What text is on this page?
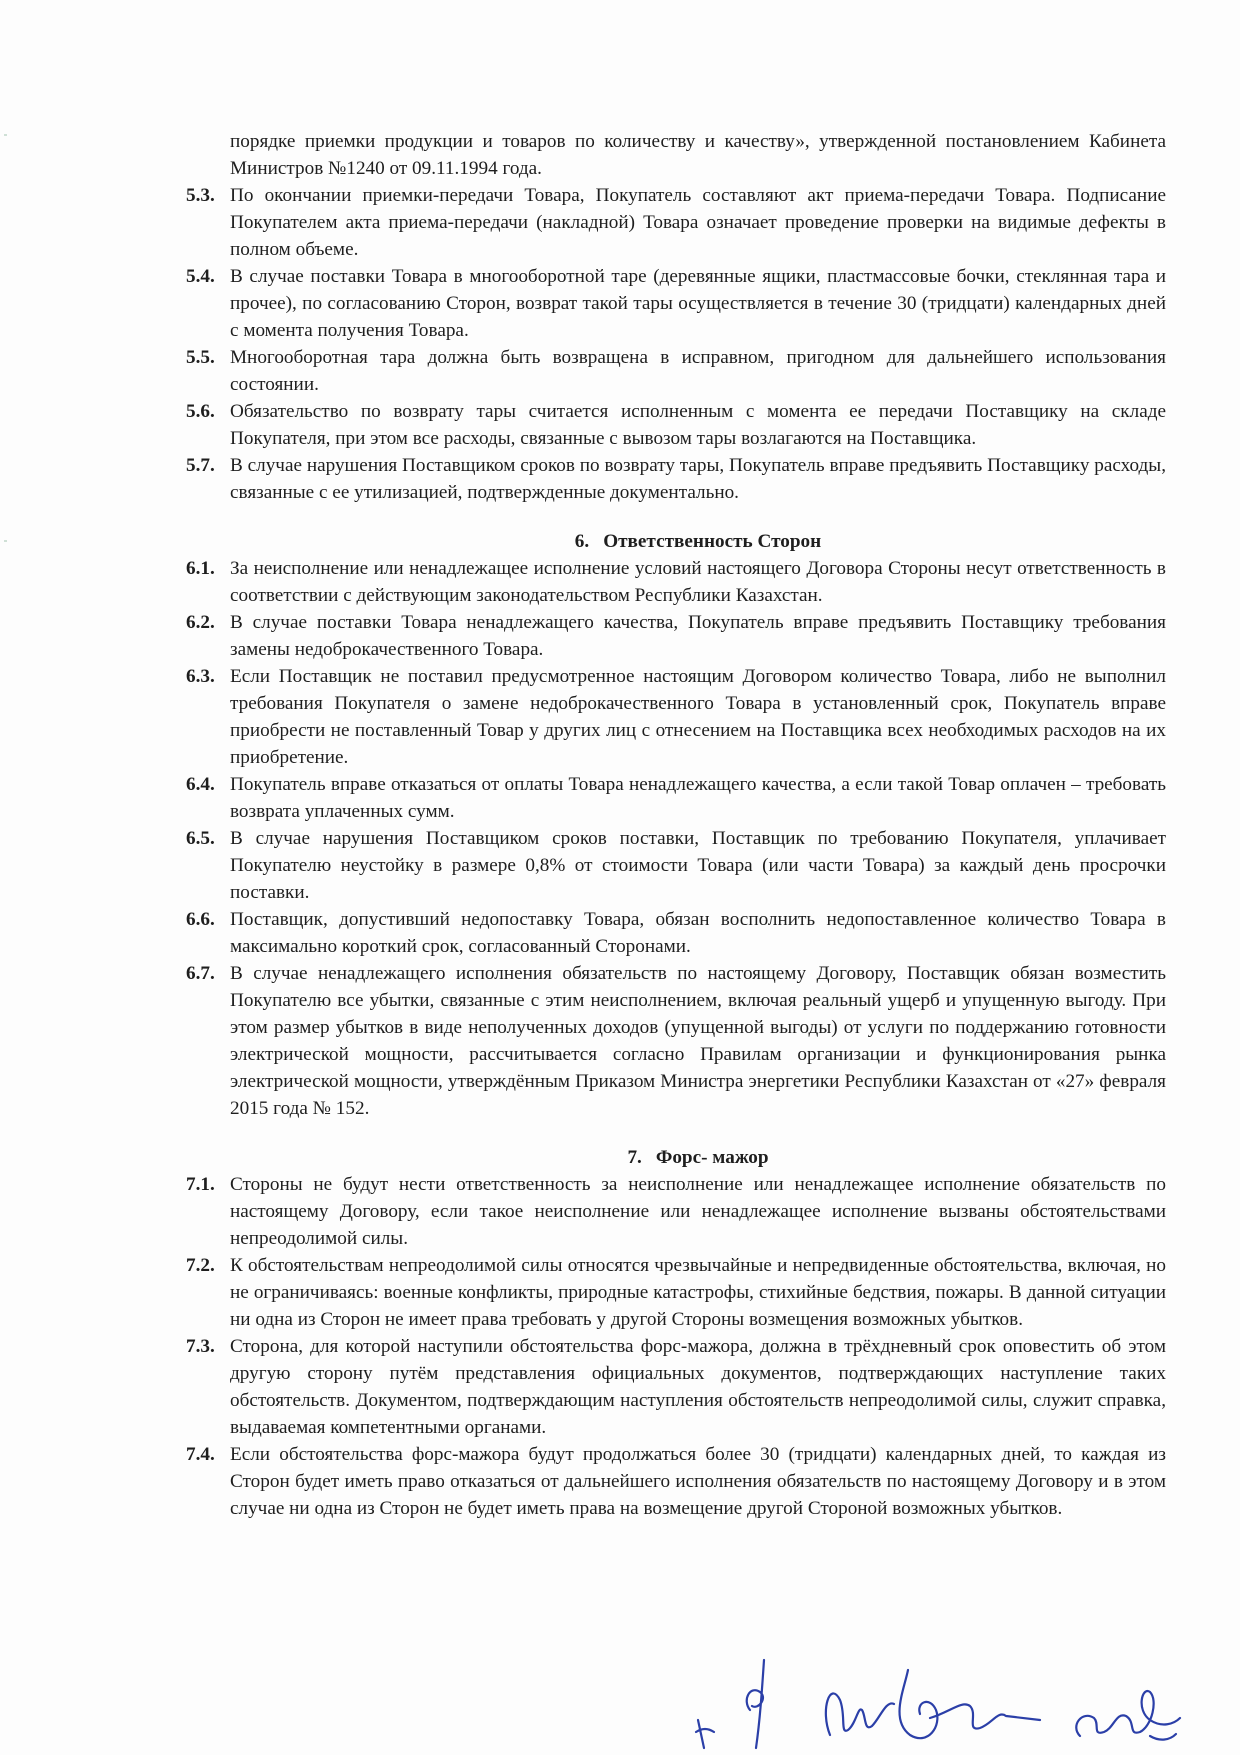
порядке приемки продукции и товаров по количеству и качеству», утвержденной постановлением Кабинета Министров №1240 от 09.11.1994 года.
5.3. По окончании приемки-передачи Товара, Покупатель составляют акт приема-передачи Товара. Подписание Покупателем акта приема-передачи (накладной) Товара означает проведение проверки на видимые дефекты в полном объеме.
5.4. В случае поставки Товара в многооборотной таре (деревянные ящики, пластмассовые бочки, стеклянная тара и прочее), по согласованию Сторон, возврат такой тары осуществляется в течение 30 (тридцати) календарных дней с момента получения Товара.
5.5. Многооборотная тара должна быть возвращена в исправном, пригодном для дальнейшего использования состоянии.
5.6. Обязательство по возврату тары считается исполненным с момента ее передачи Поставщику на складе Покупателя, при этом все расходы, связанные с вывозом тары возлагаются на Поставщика.
5.7. В случае нарушения Поставщиком сроков по возврату тары, Покупатель вправе предъявить Поставщику расходы, связанные с ее утилизацией, подтвержденные документально.
6. Ответственность Сторон
6.1. За неисполнение или ненадлежащее исполнение условий настоящего Договора Стороны несут ответственность в соответствии с действующим законодательством Республики Казахстан.
6.2. В случае поставки Товара ненадлежащего качества, Покупатель вправе предъявить Поставщику требования замены недоброкачественного Товара.
6.3. Если Поставщик не поставил предусмотренное настоящим Договором количество Товара, либо не выполнил требования Покупателя о замене недоброкачественного Товара в установленный срок, Покупатель вправе приобрести не поставленный Товар у других лиц с отнесением на Поставщика всех необходимых расходов на их приобретение.
6.4. Покупатель вправе отказаться от оплаты Товара ненадлежащего качества, а если такой Товар оплачен – требовать возврата уплаченных сумм.
6.5. В случае нарушения Поставщиком сроков поставки, Поставщик по требованию Покупателя, уплачивает Покупателю неустойку в размере 0,8% от стоимости Товара (или части Товара) за каждый день просрочки поставки.
6.6. Поставщик, допустивший недопоставку Товара, обязан восполнить недопоставленное количество Товара в максимально короткий срок, согласованный Сторонами.
6.7. В случае ненадлежащего исполнения обязательств по настоящему Договору, Поставщик обязан возместить Покупателю все убытки, связанные с этим неисполнением, включая реальный ущерб и упущенную выгоду. При этом размер убытков в виде неполученных доходов (упущенной выгоды) от услуги по поддержанию готовности электрической мощности, рассчитывается согласно Правилам организации и функционирования рынка электрической мощности, утверждённым Приказом Министра энергетики Республики Казахстан от «27» февраля 2015 года № 152.
7. Форс- мажор
7.1. Стороны не будут нести ответственность за неисполнение или ненадлежащее исполнение обязательств по настоящему Договору, если такое неисполнение или ненадлежащее исполнение вызваны обстоятельствами непреодолимой силы.
7.2. К обстоятельствам непреодолимой силы относятся чрезвычайные и непредвиденные обстоятельства, включая, но не ограничиваясь: военные конфликты, природные катастрофы, стихийные бедствия, пожары. В данной ситуации ни одна из Сторон не имеет права требовать у другой Стороны возмещения возможных убытков.
7.3. Сторона, для которой наступили обстоятельства форс-мажора, должна в трёхдневный срок оповестить об этом другую сторону путём представления официальных документов, подтверждающих наступление таких обстоятельств. Документом, подтверждающим наступления обстоятельств непреодолимой силы, служит справка, выдаваемая компетентными органами.
7.4. Если обстоятельства форс-мажора будут продолжаться более 30 (тридцати) календарных дней, то каждая из Сторон будет иметь право отказаться от дальнейшего исполнения обязательств по настоящему Договору и в этом случае ни одна из Сторон не будет иметь права на возмещение другой Стороной возможных убытков.
